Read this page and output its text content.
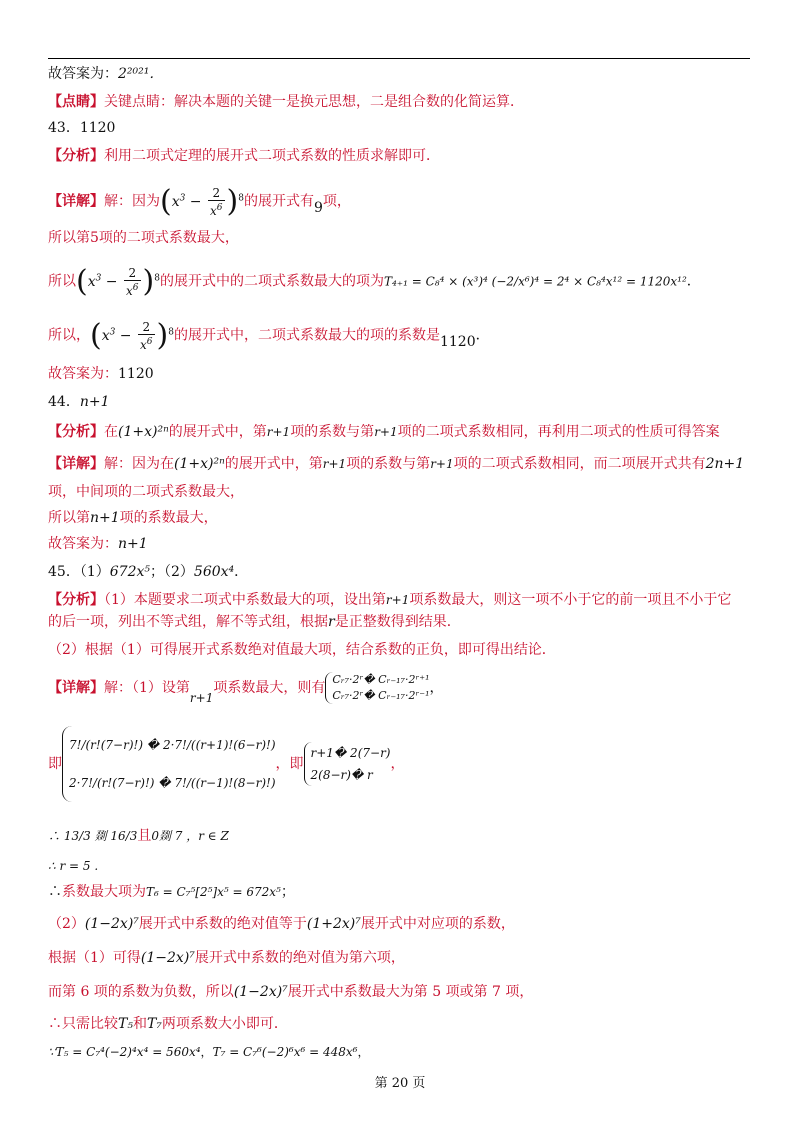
故答案为：2²⁰²¹．
【点睛】关键点睛：解决本题的关键一是换元思想，二是组合数的化简运算．
43．1120
【分析】利用二项式定理的展开式二项式系数的性质求解即可．
【详解】解：因为$(x^3 - \frac{2}{x^6} )^8$的展开式有9项，
所以第5项的二项式系数最大，
所以$(x^3 - \frac{2}{x^6} )^8$的展开式中的二项式系数最大的项为T₄₊₁ = C₈⁴ × (x³)⁴ (−2/x⁶)⁴ = 2⁴ × C₈⁴x¹² = 1120x¹²．
所以，$(x^3 - \frac{2}{x^6} )^8$的展开式中，二项式系数最大的项的系数是1120．
故答案为：1120
44．n+1
【分析】在(1+x)²ⁿ的展开式中，第r+1项的系数与第r+1项的二项式系数相同，再利用二项式的性质可得答案
【详解】解：因为在(1+x)²ⁿ的展开式中，第r+1项的系数与第r+1项的二项式系数相同，而二项展开式共有2n+1
项，中间项的二项式系数最大，
所以第n+1项的系数最大，
故答案为：n+1
45．（1）672x⁵；（2）560x⁴．
【分析】（1）本题要求二项式中系数最大的项，设出第r+1项系数最大，则这一项不小于它的前一项且不小于它
的后一项，列出不等式组，解不等式组，根据r是正整数得到结果．
（2）根据（1）可得展开式系数绝对值最大项，结合系数的正负，即可得出结论．
【详解】解：（1）设第r+1项系数最大，则有
Cᵣ₇·2ʳ� Cᵣ₋₁₇·2ʳ⁺¹
Cᵣ₇·2ʳ� Cᵣ₋₁₇·2ʳ⁻¹ ，
即
7!/(r!(7−r)!) � 2·7!/((r+1)!(6−r)!)
2·7!/(r!(7−r)!) � 7!/((r−1)!(8−r)!)
，即
r+1� 2(7−r)
2(8−r)� r
，
∴ 13/3 剟 16/3且0剟 7 ，r ∈ Z
∴ r = 5 .
∴系数最大项为T₆ = C₇⁵[2⁵]x⁵ = 672x⁵；
（2）(1−2x)⁷展开式中系数的绝对值等于(1+2x)⁷展开式中对应项的系数，
根据（1）可得(1−2x)⁷展开式中系数的绝对值为第六项，
而第 6 项的系数为负数，所以(1−2x)⁷展开式中系数最大为第 5 项或第 7 项，
∴只需比较T₅和T₇两项系数大小即可．
∵T₅ = C₇⁴(−2)⁴x⁴ = 560x⁴，T₇ = C₇⁶(−2)⁶x⁶ = 448x⁶，
第 20 页
